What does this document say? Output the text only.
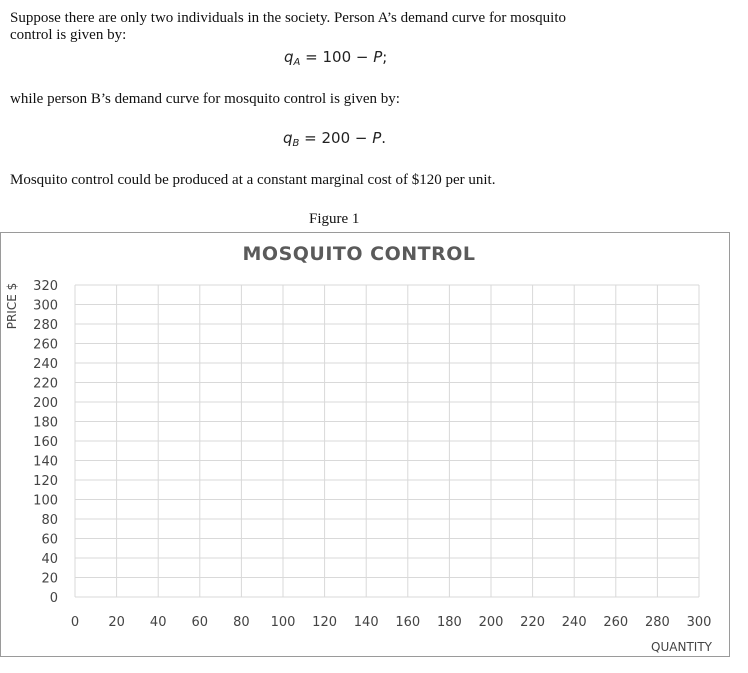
Suppose there are only two individuals in the society. Person A’s demand curve for mosquito
control is given by:
$q_A = 100 - P$;
while person B’s demand curve for mosquito control is given by:
$q_B = 200 - P$.
Mosquito control could be produced at a constant marginal cost of $120 per unit.
Figure 1
MOSQUITO CONTROL
0
20
40
60
80
100
120
140
160
180
200
220
240
260
280
300
320
0 20 40 60 80 100 120 140 160 180 200 220 240 260 280 300
PRICE $
QUANTITY
